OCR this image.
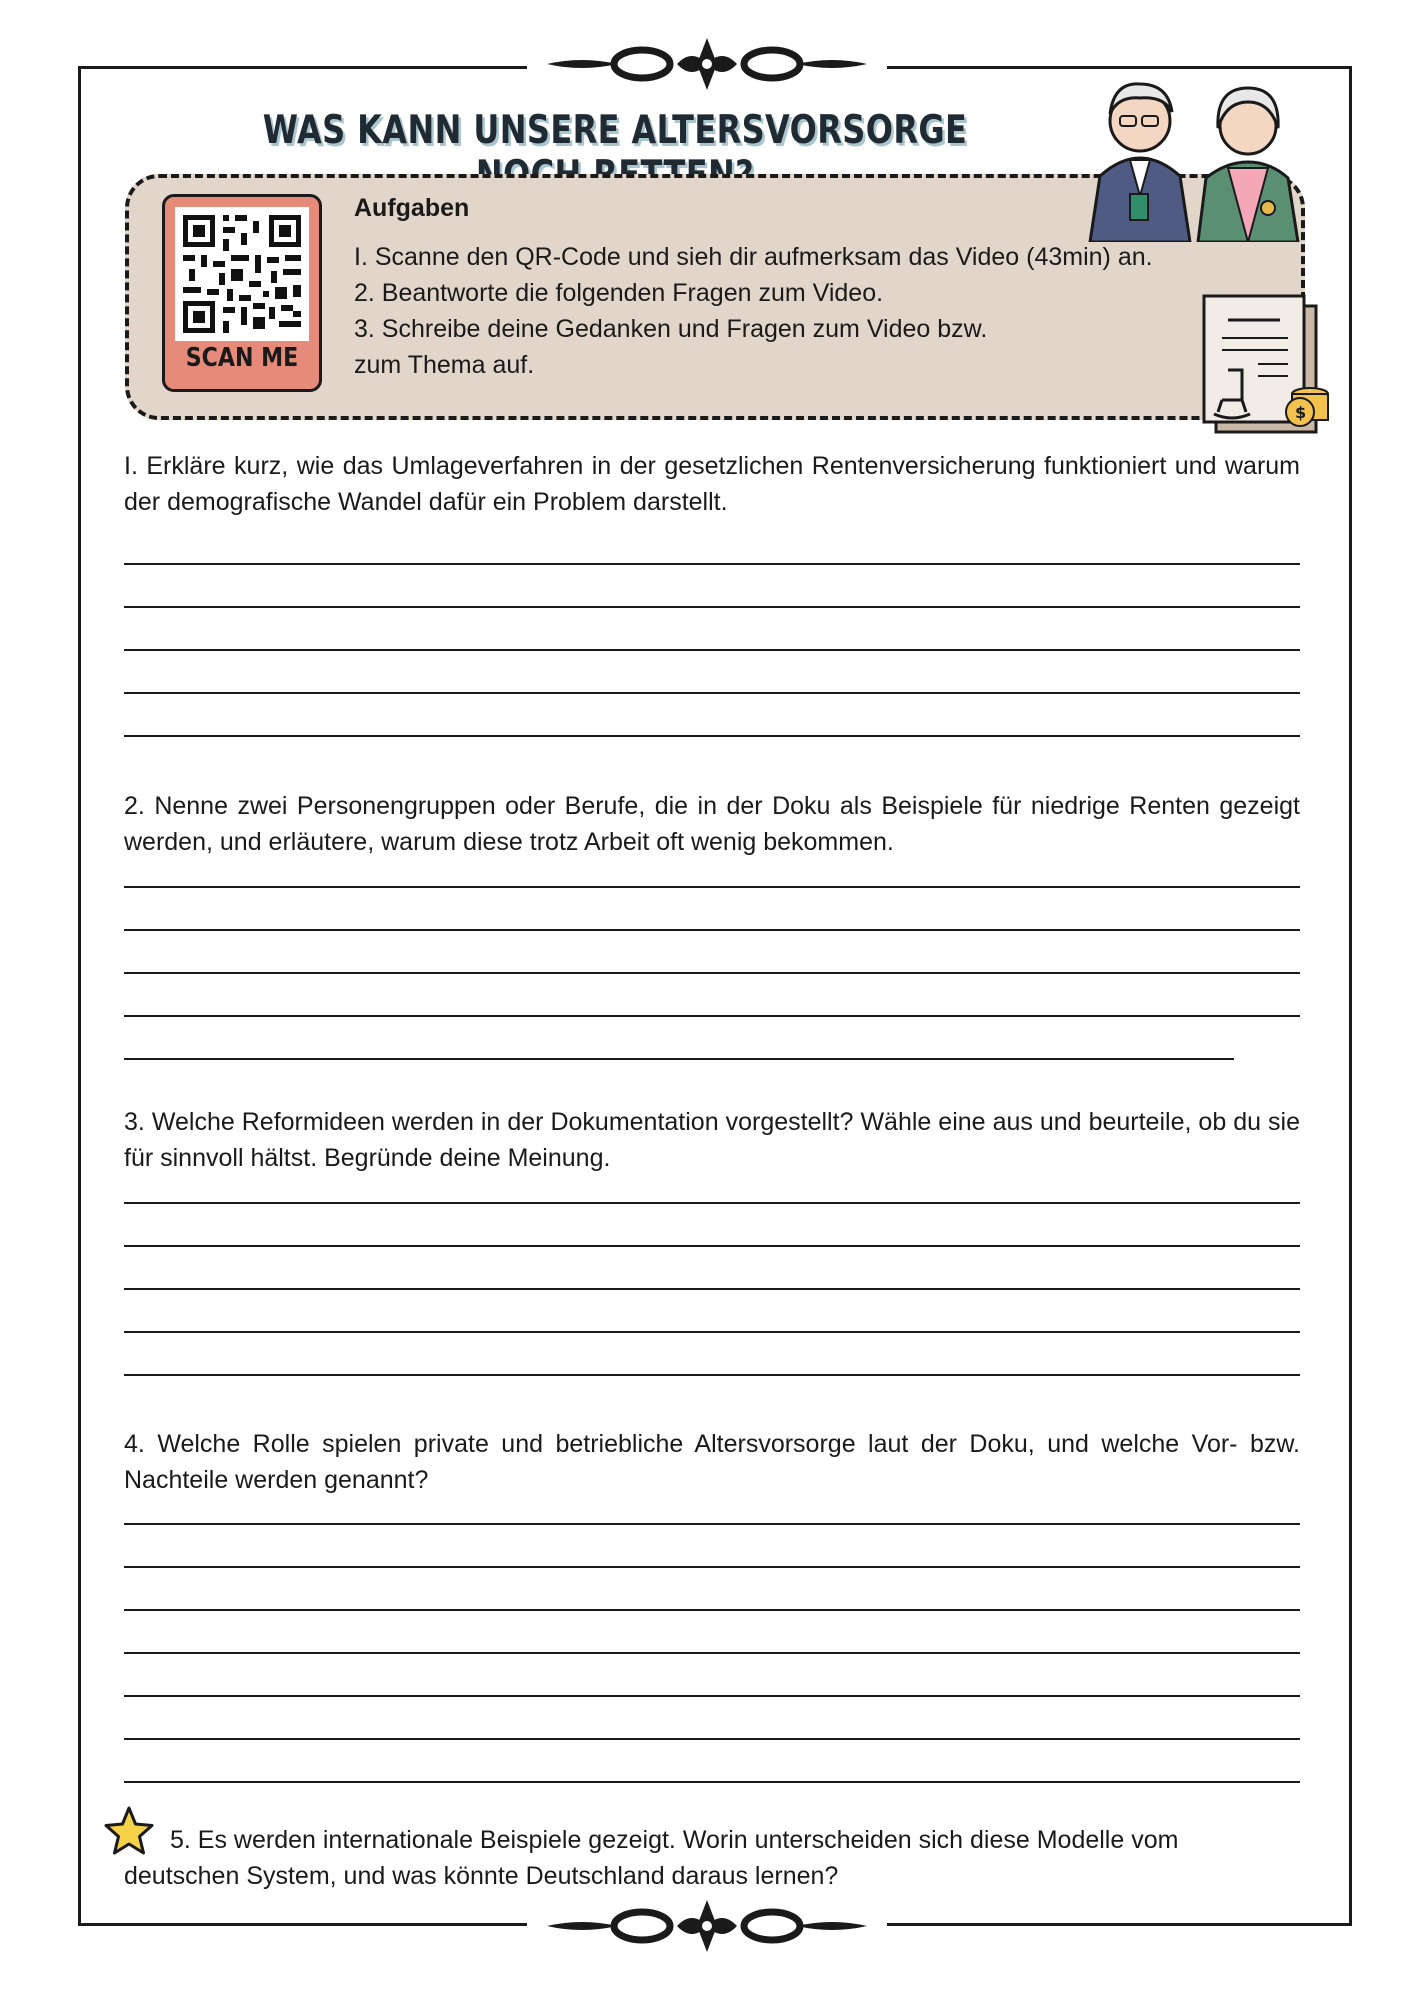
WAS KANN UNSERE ALTERSVORSORGE
SCAN ME

Aufgaben

I. Scanne den QR-Code und sieh dir aufmerksam das Video (43min) an.

2. Beantworte die folgenden Fragen zum Video.

3. Schreibe deine Gedanken und Fragen zum Video bzw.

zum Thema auf.

$
I. Erkläre kurz, wie das Umlageverfahren in der gesetzlichen Rentenversicherung funktioniert und warum der demografische Wandel dafür ein Problem darstellt.
2. Nenne zwei Personengruppen oder Berufe, die in der Doku als Beispiele für niedrige Renten gezeigt werden, und erläutere, warum diese trotz Arbeit oft wenig bekommen.
3. Welche Reformideen werden in der Dokumentation vorgestellt? Wähle eine aus und beurteile, ob du sie für sinnvoll hältst. Begründe deine Meinung.
4. Welche Rolle spielen private und betriebliche Altersvorsorge laut der Doku, und welche Vor- bzw. Nachteile werden genannt?
5. Es werden internationale Beispiele gezeigt. Worin unterscheiden sich diese Modelle vom deutschen System, und was könnte Deutschland daraus lernen?
